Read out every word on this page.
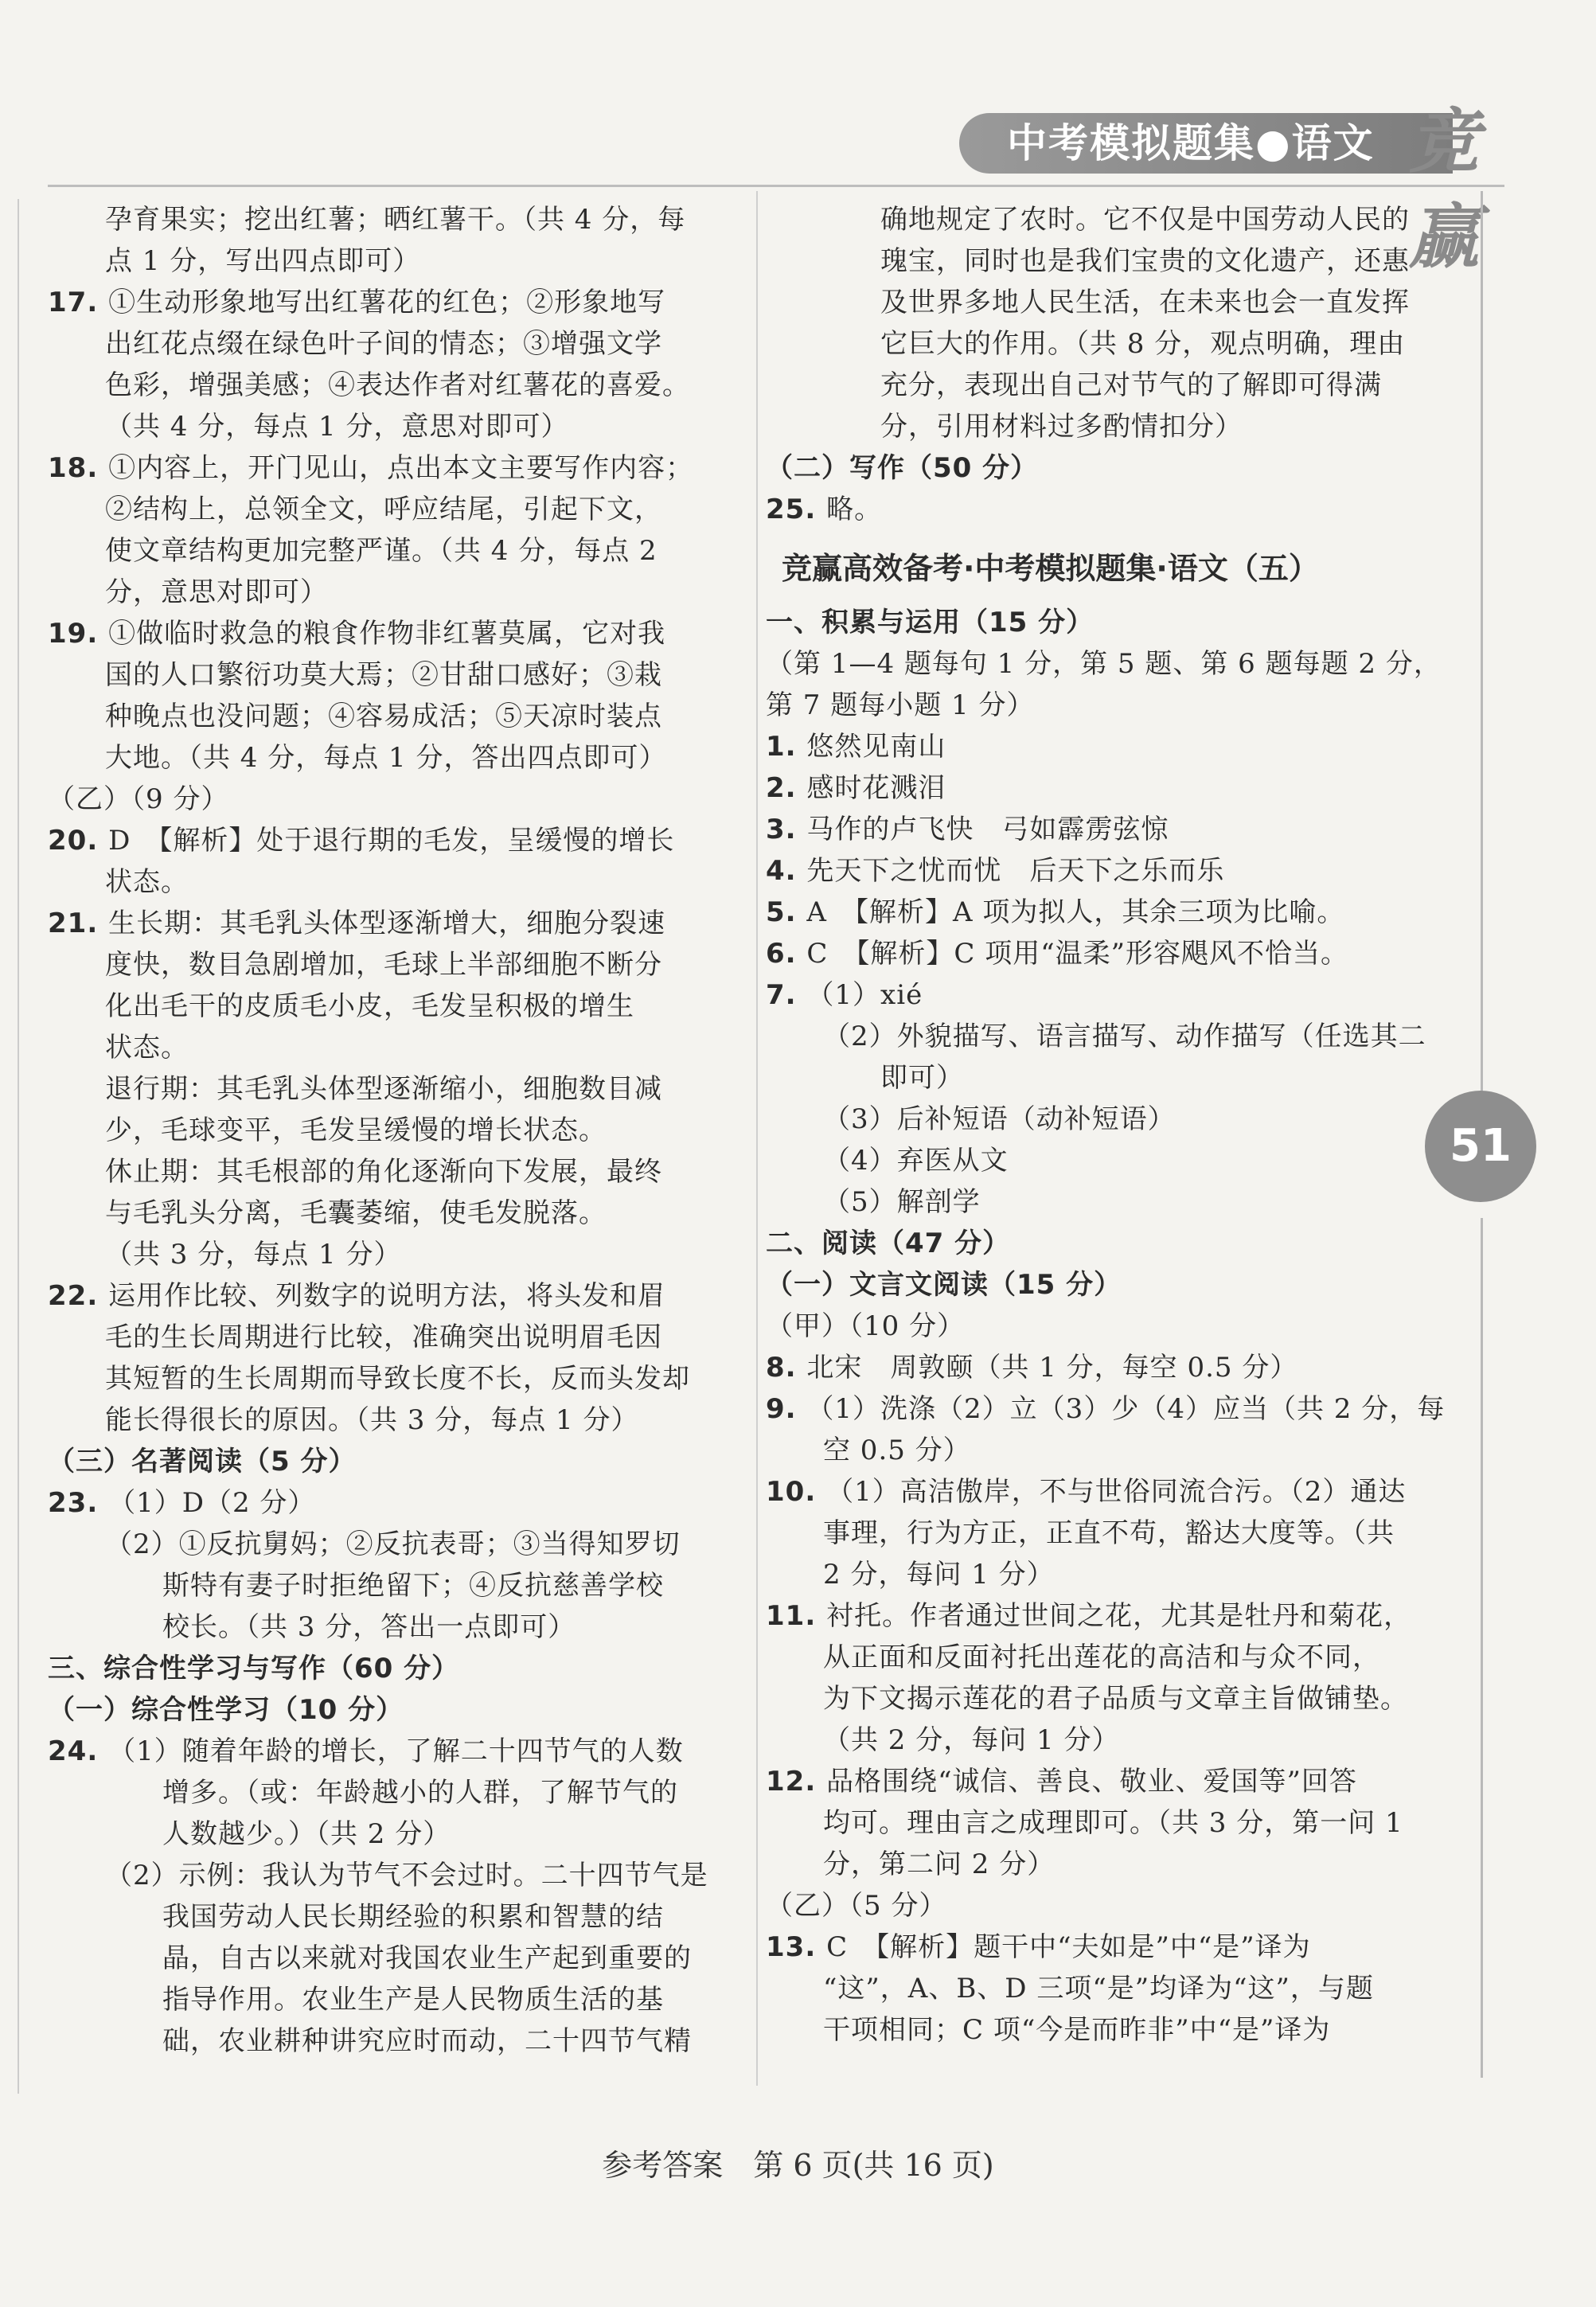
中考模拟题集●语文 竞赢
51
孕育果实；挖出红薯；晒红薯干。（共 4 分，每
点 1 分，写出四点即可）
17. ①生动形象地写出红薯花的红色；②形象地写
出红花点缀在绿色叶子间的情态；③增强文学
色彩，增强美感；④表达作者对红薯花的喜爱。
（共 4 分，每点 1 分，意思对即可）
18. ①内容上，开门见山，点出本文主要写作内容；
②结构上，总领全文，呼应结尾，引起下文，
使文章结构更加完整严谨。（共 4 分，每点 2
分，意思对即可）
19. ①做临时救急的粮食作物非红薯莫属，它对我
国的人口繁衍功莫大焉；②甘甜口感好；③栽
种晚点也没问题；④容易成活；⑤天凉时装点
大地。（共 4 分，每点 1 分，答出四点即可）
（乙）（9 分）
20. D　【解析】处于退行期的毛发，呈缓慢的增长
状态。
21. 生长期：其毛乳头体型逐渐增大，细胞分裂速
度快，数目急剧增加，毛球上半部细胞不断分
化出毛干的皮质毛小皮，毛发呈积极的增生
状态。
退行期：其毛乳头体型逐渐缩小，细胞数目减
少，毛球变平，毛发呈缓慢的增长状态。
休止期：其毛根部的角化逐渐向下发展，最终
与毛乳头分离，毛囊萎缩，使毛发脱落。
（共 3 分，每点 1 分）
22. 运用作比较、列数字的说明方法，将头发和眉
毛的生长周期进行比较，准确突出说明眉毛因
其短暂的生长周期而导致长度不长，反而头发却
能长得很长的原因。（共 3 分，每点 1 分）
（三）名著阅读（5 分）
23. （1）D（2 分）
（2）①反抗舅妈；②反抗表哥；③当得知罗切
斯特有妻子时拒绝留下；④反抗慈善学校
校长。（共 3 分，答出一点即可）
三、综合性学习与写作（60 分）
（一）综合性学习（10 分）
24. （1）随着年龄的增长，了解二十四节气的人数
增多。（或：年龄越小的人群，了解节气的
人数越少。）（共 2 分）
（2）示例：我认为节气不会过时。二十四节气是
我国劳动人民长期经验的积累和智慧的结
晶，自古以来就对我国农业生产起到重要的
指导作用。农业生产是人民物质生活的基
础，农业耕种讲究应时而动，二十四节气精
确地规定了农时。它不仅是中国劳动人民的
瑰宝，同时也是我们宝贵的文化遗产，还惠
及世界多地人民生活，在未来也会一直发挥
它巨大的作用。（共 8 分，观点明确，理由
充分，表现出自己对节气的了解即可得满
分，引用材料过多酌情扣分）
（二）写作（50 分）
25. 略。
竞赢高效备考·中考模拟题集·语文（五）
一、积累与运用（15 分）
（第 1—4 题每句 1 分，第 5 题、第 6 题每题 2 分，
第 7 题每小题 1 分）
1. 悠然见南山
2. 感时花溅泪
3. 马作的卢飞快　弓如霹雳弦惊
4. 先天下之忧而忧　后天下之乐而乐
5. A　【解析】A 项为拟人，其余三项为比喻。
6. C　【解析】C 项用“温柔”形容飓风不恰当。
7. （1）xié
（2）外貌描写、语言描写、动作描写（任选其二
即可）
（3）后补短语（动补短语）
（4）弃医从文
（5）解剖学
二、阅读（47 分）
（一）文言文阅读（15 分）
（甲）（10 分）
8. 北宋　周敦颐（共 1 分，每空 0.5 分）
9. （1）洗涤（2）立（3）少（4）应当（共 2 分，每
空 0.5 分）
10. （1）高洁傲岸，不与世俗同流合污。（2）通达
事理，行为方正，正直不苟，豁达大度等。（共
2 分，每问 1 分）
11. 衬托。作者通过世间之花，尤其是牡丹和菊花，
从正面和反面衬托出莲花的高洁和与众不同，
为下文揭示莲花的君子品质与文章主旨做铺垫。
（共 2 分，每问 1 分）
12. 品格围绕“诚信、善良、敬业、爱国等”回答
均可。理由言之成理即可。（共 3 分，第一问 1
分，第二问 2 分）
（乙）（5 分）
13. C　【解析】题干中“夫如是”中“是”译为
“这”，A、B、D 三项“是”均译为“这”，与题
干项相同；C 项“今是而昨非”中“是”译为
参考答案　第 6 页(共 16 页)
